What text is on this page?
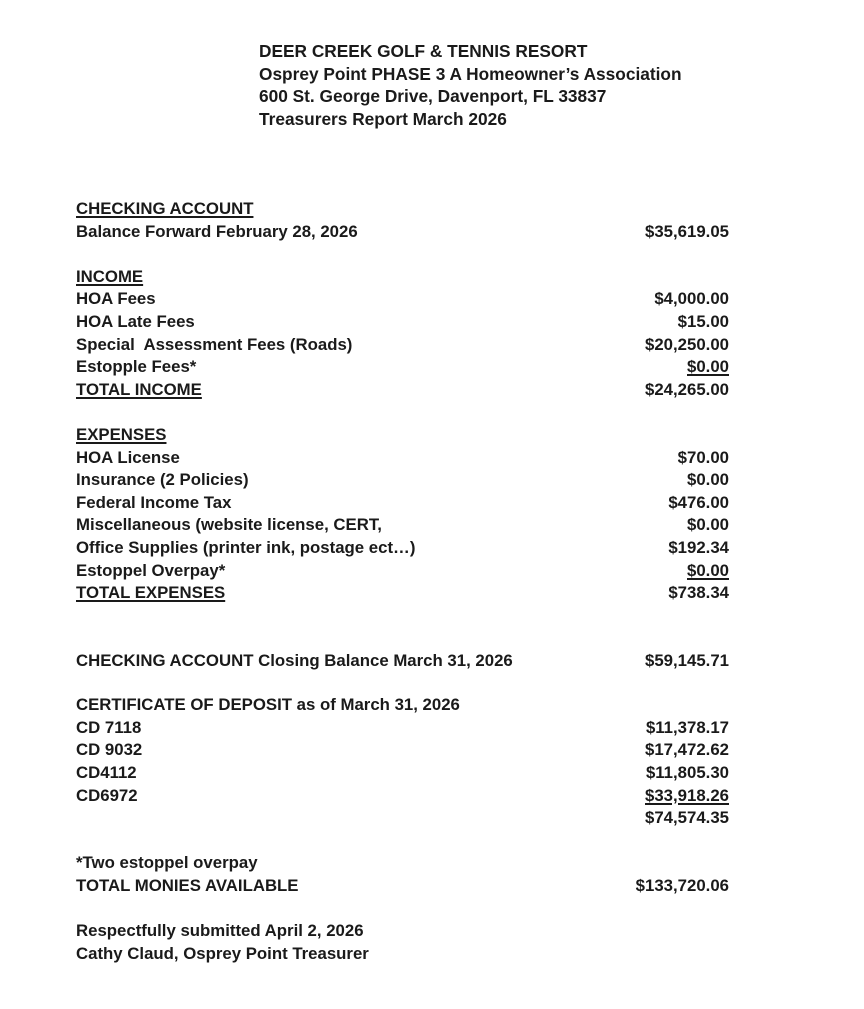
DEER CREEK GOLF & TENNIS RESORT
Osprey Point PHASE 3 A Homeowner’s Association
600 St. George Drive, Davenport, FL 33837
Treasurers Report March 2026
CHECKING ACCOUNT
Balance Forward February 28, 2026	$35,619.05
INCOME
HOA Fees	$4,000.00
HOA Late Fees	$15.00
Special  Assessment Fees (Roads)	$20,250.00
Estopple Fees*	$0.00
TOTAL INCOME	$24,265.00
EXPENSES
HOA License	$70.00
Insurance (2 Policies)	$0.00
Federal Income Tax	$476.00
Miscellaneous (website license, CERT,	$0.00
Office Supplies (printer ink, postage ect…)	$192.34
Estoppel Overpay*	$0.00
TOTAL EXPENSES	$738.34
CHECKING ACCOUNT Closing Balance March 31, 2026	$59,145.71
CERTIFICATE OF DEPOSIT as of March 31, 2026
CD 7118	$11,378.17
CD 9032	$17,472.62
CD4112	$11,805.30
CD6972	$33,918.26
$74,574.35
*Two estoppel overpay
TOTAL MONIES AVAILABLE	$133,720.06
Respectfully submitted April 2, 2026
Cathy Claud, Osprey Point Treasurer
